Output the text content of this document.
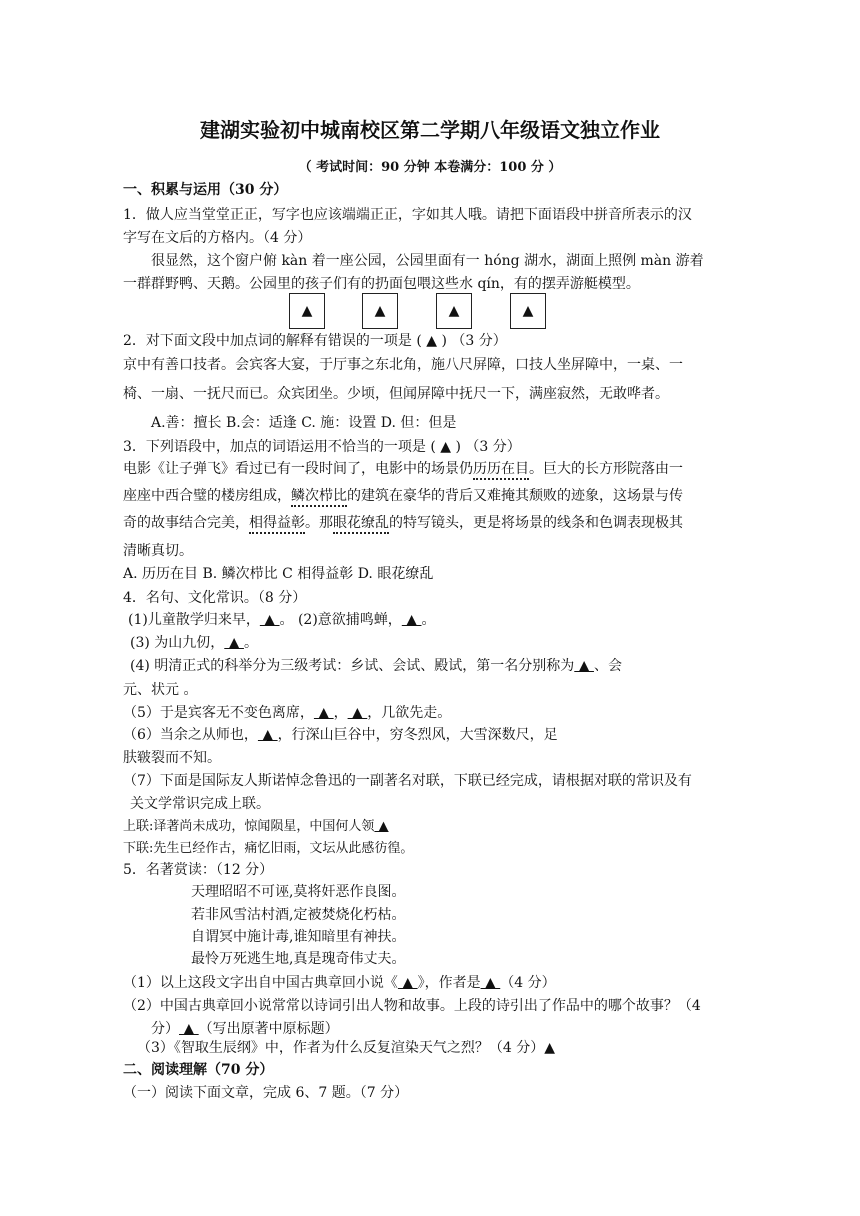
建湖实验初中城南校区第二学期八年级语文独立作业
（ 考试时间：90 分钟 本卷满分：100 分 ）
一、积累与运用（30 分）
1．做人应当堂堂正正，写字也应该端端正正，字如其人哦。请把下面语段中拼音所表示的汉
字写在文后的方格内。（4 分）
很显然，这个窗户俯 kàn 着一座公园，公园里面有一 hóng 湖水，湖面上照例 màn 游着
一群群野鸭、天鹅。公园里的孩子们有的扔面包喂这些水 qín，有的摆弄游艇模型。
▲	▲	▲	▲
2．对下面文段中加点词的解释有错误的一项是 ( ▲ ) （3 分）
京中有善口技者。会宾客大宴，于厅事之东北角，施八尺屏障，口技人坐屏障中，一桌、一
椅、一扇、一抚尺而已。众宾团坐。少顷，但闻屏障中抚尺一下，满座寂然，无敢哗者。
A.善：擅长 B.会：适逢 C. 施：设置 D. 但：但是
3．下列语段中，加点的词语运用不恰当的一项是 ( ▲ ) （3 分）
电影《让子弹飞》看过已有一段时间了，电影中的场景仍历历在目。巨大的长方形院落由一
座座中西合璧的楼房组成，鳞次栉比的建筑在豪华的背后又难掩其颓败的迹象，这场景与传
奇的故事结合完美，相得益彰。那眼花缭乱的特写镜头，更是将场景的线条和色调表现极其
清晰真切。
A. 历历在目 B. 鳞次栉比 C 相得益彰 D. 眼花缭乱
4．名句、文化常识。（8 分）
(1)儿童散学归来早， ▲ 。 (2)意欲捕鸣蝉， ▲ 。
(3) 为山九仞， ▲ 。
(4) 明清正式的科举分为三级考试：乡试、会试、殿试，第一名分别称为 ▲ 、会
元、状元 。
（5）于是宾客无不变色离席， ▲ ， ▲ ，几欲先走。
（6）当余之从师也， ▲ ，行深山巨谷中，穷冬烈风，大雪深数尺，足
肤皲裂而不知。
（7）下面是国际友人斯诺悼念鲁迅的一副著名对联，下联已经完成，请根据对联的常识及有
关文学常识完成上联。
上联:译著尚未成功，惊闻陨星，中国何人领 ▲
下联:先生已经作古，痛忆旧雨，文坛从此感彷徨。
5．名著赏读：（12 分）
天理昭昭不可诬,莫将奸恶作良图。
若非风雪沽村酒,定被焚烧化朽枯。
自谓冥中施计毒,谁知暗里有神扶。
最怜万死逃生地,真是瑰奇伟丈夫。
（1）以上这段文字出自中国古典章回小说《 ▲ 》，作者是 ▲ （4 分）
（2）中国古典章回小说常常以诗词引出人物和故事。上段的诗引出了作品中的哪个故事？（4
分） ▲ （写出原著中原标题）
（3）《智取生辰纲》中，作者为什么反复渲染天气之烈？（4 分）▲
二、阅读理解（70 分）
（一）阅读下面文章，完成 6、7 题。（7 分）
